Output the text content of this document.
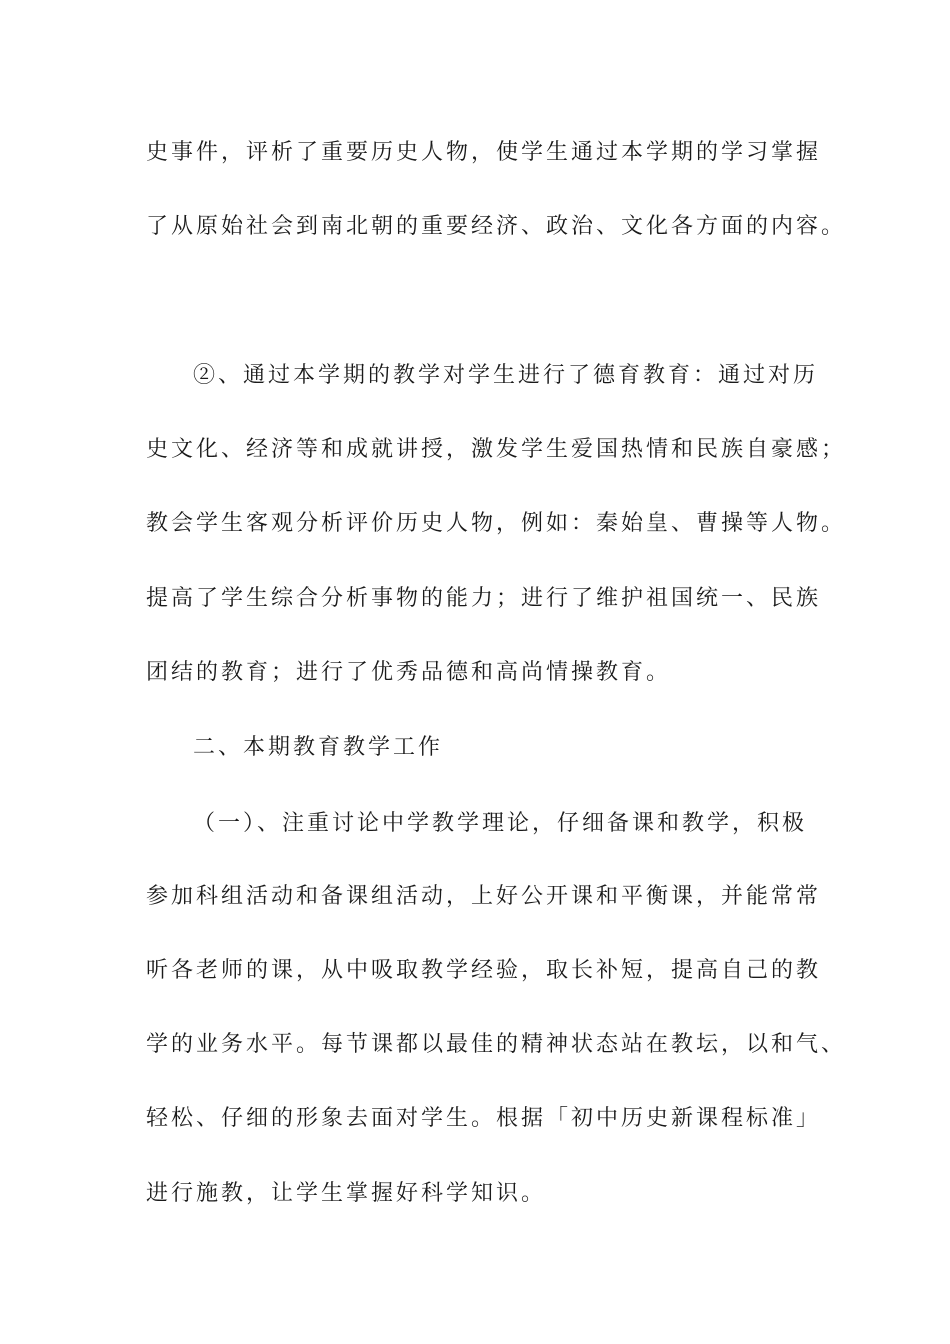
史事件，评析了重要历史人物，使学生通过本学期的学习掌握
了从原始社会到南北朝的重要经济、政治、文化各方面的内容。
②、通过本学期的教学对学生进行了德育教育：通过对历
史文化、经济等和成就讲授，激发学生爱国热情和民族自豪感；
教会学生客观分析评价历史人物，例如：秦始皇、曹操等人物。
提高了学生综合分析事物的能力；进行了维护祖国统一、民族
团结的教育；进行了优秀品德和高尚情操教育。
二、本期教育教学工作
（一）、注重讨论中学教学理论，仔细备课和教学，积极
参加科组活动和备课组活动，上好公开课和平衡课，并能常常
听各老师的课，从中吸取教学经验，取长补短，提高自己的教
学的业务水平。每节课都以最佳的精神状态站在教坛，以和气、
轻松、仔细的形象去面对学生。根据「初中历史新课程标准」
进行施教，让学生掌握好科学知识。
